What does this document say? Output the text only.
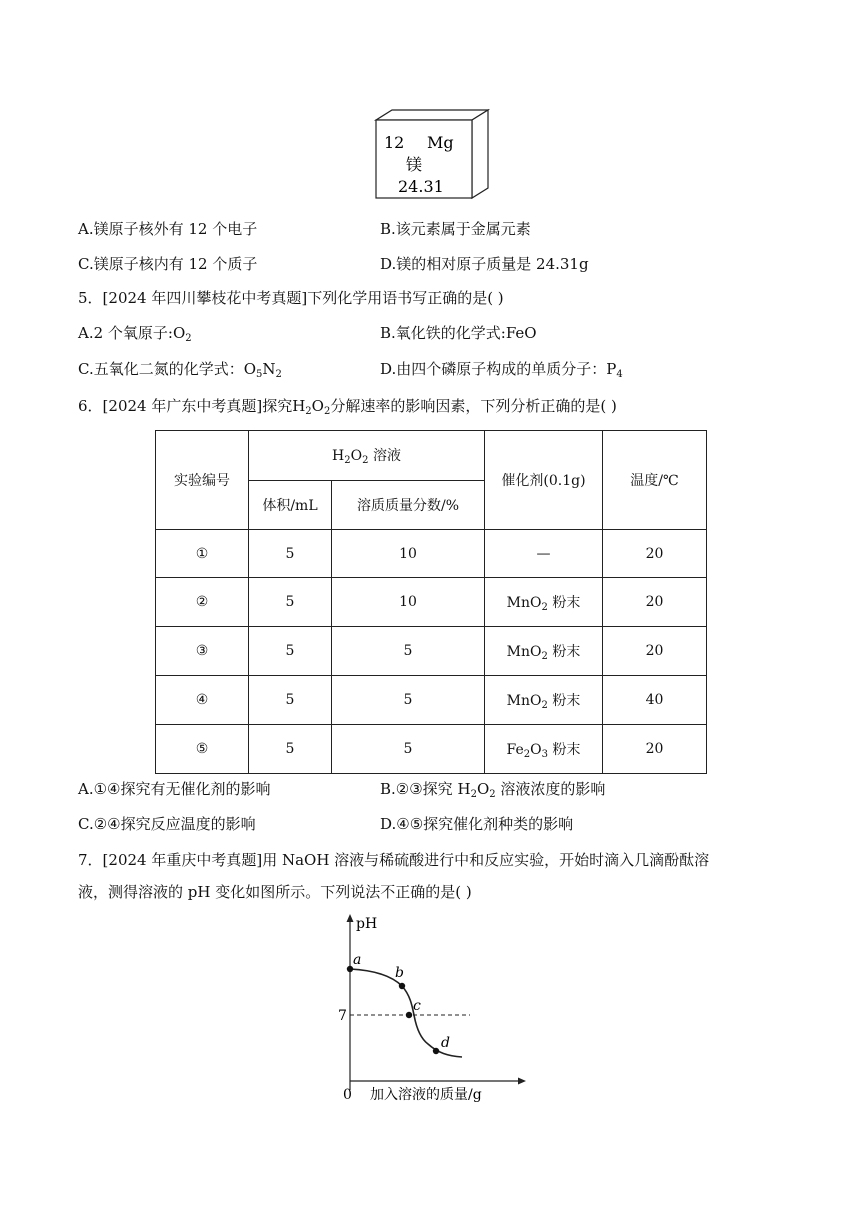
12 Mg
镁
24.31
A.镁原子核外有 12 个电子	B.该元素属于金属元素
C.镁原子核内有 12 个质子	D.镁的相对原子质量是 24.31g
5．[2024 年四川攀枝花中考真题]下列化学用语书写正确的是( )
A.2 个氧原子$:O_2$	B.氧化铁的化学式:FeO
C.五氧化二氮的化学式：$O_5N_2$	D.由四个磷原子构成的单质分子：$P_4$
6．[2024 年广东中考真题]探究$H_2O_2$分解速率的影响因素，下列分析正确的是( )
实验编号	$H_2O_2$ 溶液		催化剂(0.1g)	温度/℃
	体积/mL	溶质质量分数/%		
①	5	10	—	20
②	5	10	MnO$_2$ 粉末	20
③	5	5	MnO$_2$ 粉末	20
④	5	5	MnO$_2$ 粉末	40
⑤	5	5	$Fe_2O_3$ 粉末	20
A.①④探究有无催化剂的影响	B.②③探究 $H_2O_2$ 溶液浓度的影响
C.②④探究反应温度的影响	D.④⑤探究催化剂种类的影响
7．[2024 年重庆中考真题]用 NaOH 溶液与稀硫酸进行中和反应实验，开始时滴入几滴酚酞溶
液，测得溶液的 pH 变化如图所示。下列说法不正确的是( )
pH
0 加入溶液的质量/g
7
a
b
c
d
